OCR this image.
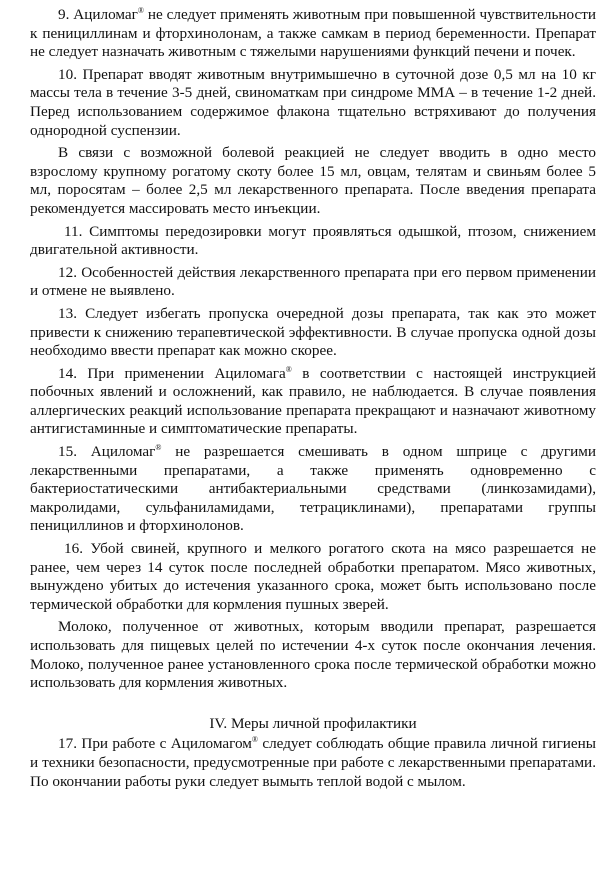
9. Ациломаг® не следует применять животным при повышенной чувствительности к пенициллинам и фторхинолонам, а также самкам в период беременности. Препарат не следует назначать животным с тяжелыми нарушениями функций печени и почек.

10. Препарат вводят животным внутримышечно в суточной дозе 0,5 мл на 10 кг массы тела в течение 3-5 дней, свиноматкам при синдроме ММА – в течение 1-2 дней. Перед использованием содержимое флакона тщательно встряхивают до получения однородной суспензии.

В связи с возможной болевой реакцией не следует вводить в одно место взрослому крупному рогатому скоту более 15 мл, овцам, телятам и свиньям более 5 мл, поросятам – более 2,5 мл лекарственного препарата. После введения препарата рекомендуется массировать место инъекции.

11. Симптомы передозировки могут проявляться одышкой, птозом, снижением двигательной активности.

12. Особенностей действия лекарственного препарата при его первом применении и отмене не выявлено.

13. Следует избегать пропуска очередной дозы препарата, так как это может привести к снижению терапевтической эффективности. В случае пропуска одной дозы необходимо ввести препарат как можно скорее.

14. При применении Ациломага® в соответствии с настоящей инструкцией побочных явлений и осложнений, как правило, не наблюдается. В случае появления аллергических реакций использование препарата прекращают и назначают животному антигистаминные и симптоматические препараты.

15. Ациломаг® не разрешается смешивать в одном шприце с другими лекарственными препаратами, а также применять одновременно с бактериостатическими антибактериальными средствами (линкозамидами), макролидами, сульфаниламидами, тетрациклинами), препаратами группы пенициллинов и фторхинолонов.

16. Убой свиней, крупного и мелкого рогатого скота на мясо разрешается не ранее, чем через 14 суток после последней обработки препаратом. Мясо животных, вынуждено убитых до истечения указанного срока, может быть использовано после термической обработки для кормления пушных зверей.

Молоко, полученное от животных, которым вводили препарат, разрешается использовать для пищевых целей по истечении 4-х суток после окончания лечения. Молоко, полученное ранее установленного срока после термической обработки можно использовать для кормления животных.

IV. Меры личной профилактики

17. При работе с Ациломагом® следует соблюдать общие правила личной гигиены и техники безопасности, предусмотренные при работе с лекарственными препаратами. По окончании работы руки следует вымыть теплой водой с мылом.
